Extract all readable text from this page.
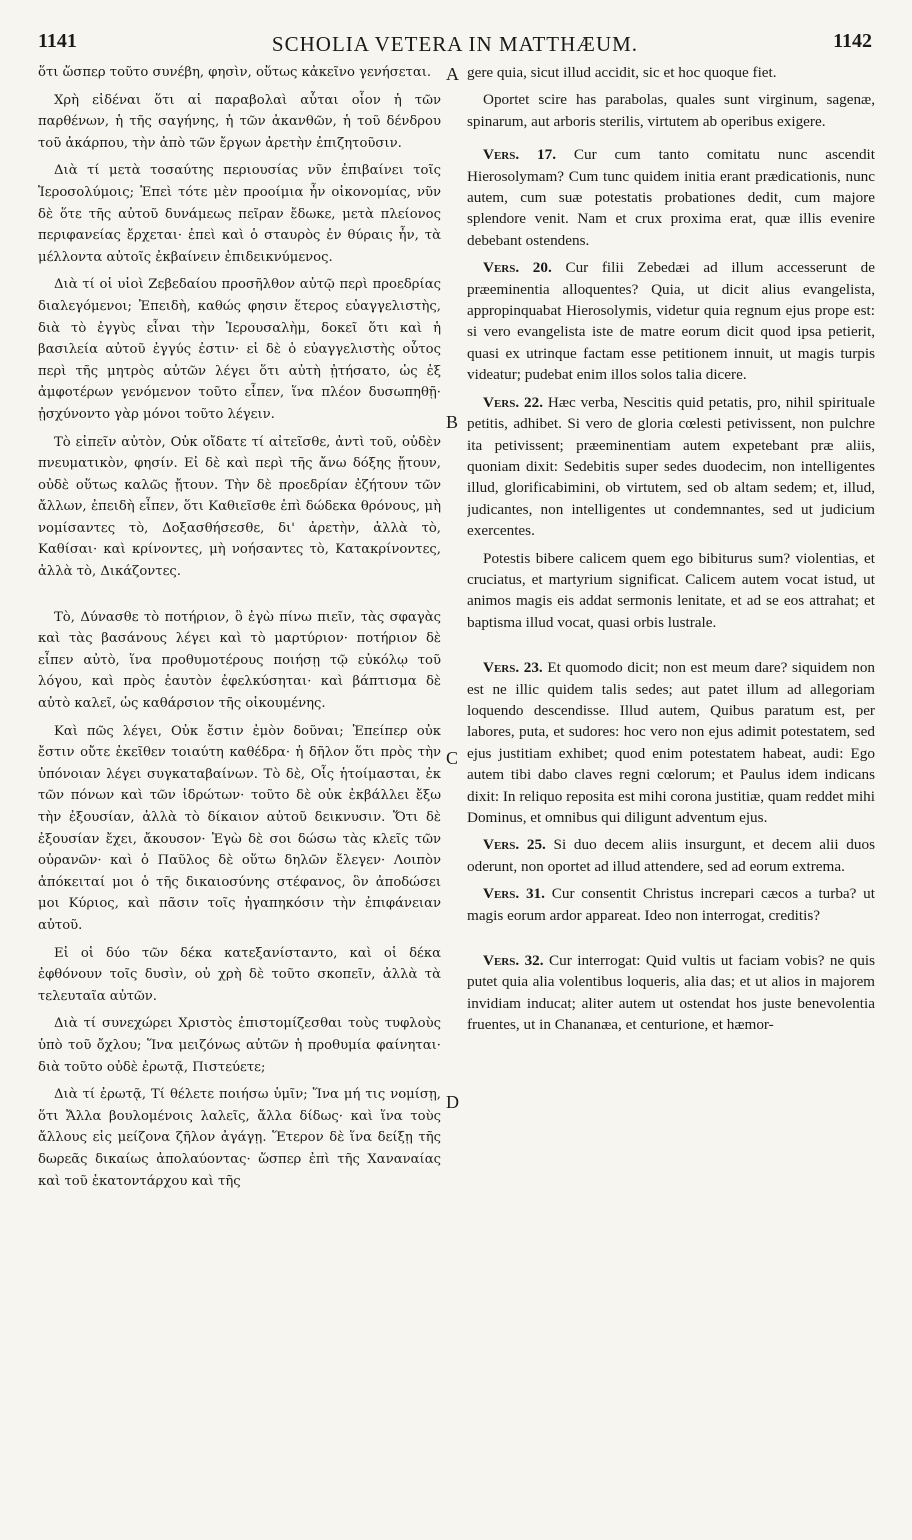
1141	SCHOLIA VETERA IN MATTHÆUM.	1142
A
B
C
D

ὅτι ὥσπερ τοῦτο συνέβη, φησὶν, οὕτως κἀκεῖνο γενήσεται.

Χρὴ εἰδέναι ὅτι αἱ παραβολαὶ αὗται οἷον ἡ τῶν παρθένων, ἡ τῆς σαγήνης, ἡ τῶν ἀκανθῶν, ἡ τοῦ δένδρου τοῦ ἀκάρπου, τὴν ἀπὸ τῶν ἔργων ἀρετὴν ἐπιζητοῦσιν.

Διὰ τί μετὰ τοσαύτης περιουσίας νῦν ἐπιβαίνει τοῖς Ἱεροσολύμοις; Ἐπεὶ τότε μὲν προοίμια ἦν οἰκονομίας, νῦν δὲ ὅτε τῆς αὐτοῦ δυνάμεως πεῖραν ἔδωκε, μετὰ πλείονος περιφανείας ἔρχεται· ἐπεὶ καὶ ὁ σταυρὸς ἐν θύραις ἦν, τὰ μέλλοντα αὐτοῖς ἐκβαίνειν ἐπιδεικνύμενος.

Διὰ τί οἱ υἱοὶ Ζεβεδαίου προσῆλθον αὐτῷ περὶ προεδρίας διαλεγόμενοι; Ἐπειδὴ, καθώς φησιν ἕτερος εὐαγγελιστὴς, διὰ τὸ ἐγγὺς εἶναι τὴν Ἱερουσαλὴμ, δοκεῖ ὅτι καὶ ἡ βασιλεία αὐτοῦ ἐγγύς ἐστιν· εἰ δὲ ὁ εὐαγγελιστὴς οὗτος περὶ τῆς μητρὸς αὐτῶν λέγει ὅτι αὐτὴ ᾐτήσατο, ὡς ἐξ ἀμφοτέρων γενόμενον τοῦτο εἶπεν, ἵνα πλέον δυσωπηθῇ· ᾐσχύνοντο γὰρ μόνοι τοῦτο λέγειν.

Τὸ εἰπεῖν αὐτὸν, Οὐκ οἴδατε τί αἰτεῖσθε, ἀντὶ τοῦ, οὐδὲν πνευματικὸν, φησίν. Εἰ δὲ καὶ περὶ τῆς ἄνω δόξης ᾔτουν, οὐδὲ οὕτως καλῶς ᾔτουν. Τὴν δὲ προεδρίαν ἐζήτουν τῶν ἄλλων, ἐπειδὴ εἶπεν, ὅτι Καθιεῖσθε ἐπὶ δώδεκα θρόνους, μὴ νομίσαντες τὸ, Δοξασθήσεσθε, δι' ἀρετὴν, ἀλλὰ τὸ, Καθίσαι· καὶ κρίνοντες, μὴ νοήσαντες τὸ, Κατακρίνοντες, ἀλλὰ τὸ, Δικάζοντες.

Τὸ, Δύνασθε τὸ ποτήριον, ὃ ἐγὼ πίνω πιεῖν, τὰς σφαγὰς καὶ τὰς βασάνους λέγει καὶ τὸ μαρτύριον· ποτήριον δὲ εἶπεν αὐτὸ, ἵνα προθυμοτέρους ποιήσῃ τῷ εὐκόλῳ τοῦ λόγου, καὶ πρὸς ἑαυτὸν ἐφελκύσηται· καὶ βάπτισμα δὲ αὐτὸ καλεῖ, ὡς καθάρσιον τῆς οἰκουμένης.

Καὶ πῶς λέγει, Οὐκ ἔστιν ἐμὸν δοῦναι; Ἐπείπερ οὐκ ἔστιν οὔτε ἐκεῖθεν τοιαύτη καθέδρα· ἡ δῆλον ὅτι πρὸς τὴν ὑπόνοιαν λέγει συγκαταβαίνων. Τὸ δὲ, Οἷς ἡτοίμασται, ἐκ τῶν πόνων καὶ τῶν ἱδρώτων· τοῦτο δὲ οὐκ ἐκβάλλει ἔξω τὴν ἐξουσίαν, ἀλλὰ τὸ δίκαιον αὐτοῦ δεικνυσιν. Ὅτι δὲ ἐξουσίαν ἔχει, ἄκουσον· Ἐγὼ δὲ σοι δώσω τὰς κλεῖς τῶν οὐρανῶν· καὶ ὁ Παῦλος δὲ οὕτω δηλῶν ἔλεγεν· Λοιπὸν ἀπόκειταί μοι ὁ τῆς δικαιοσύνης στέφανος, ὃν ἀποδώσει μοι Κύριος, καὶ πᾶσιν τοῖς ἠγαπηκόσιν τὴν ἐπιφάνειαν αὐτοῦ.

Εἰ οἱ δύο τῶν δέκα κατεξανίσταντο, καὶ οἱ δέκα ἐφθόνουν τοῖς δυσὶν, οὐ χρὴ δὲ τοῦτο σκοπεῖν, ἀλλὰ τὰ τελευταῖα αὐτῶν.

Διὰ τί συνεχώρει Χριστὸς ἐπιστομίζεσθαι τοὺς τυφλοὺς ὑπὸ τοῦ ὄχλου; Ἵνα μειζόνως αὐτῶν ἡ προθυμία φαίνηται· διὰ τοῦτο οὐδὲ ἐρωτᾷ, Πιστεύετε;

Διὰ τί ἐρωτᾷ, Τί θέλετε ποιήσω ὑμῖν; Ἵνα μή τις νομίσῃ, ὅτι Ἄλλα βουλομένοις λαλεῖς, ἄλλα δίδως· καὶ ἵνα τοὺς ἄλλους εἰς μείζονα ζῆλον ἀγάγῃ. Ἕτερον δὲ ἵνα δείξῃ τῆς δωρεᾶς δικαίως ἀπολαύοντας· ὥσπερ ἐπὶ τῆς Χαναναίας καὶ τοῦ ἑκατοντάρχου καὶ τῆς

gere quia, sicut illud accidit, sic et hoc quoque fiet.

Oportet scire has parabolas, quales sunt virginum, sagenæ, spinarum, aut arboris sterilis, virtutem ab operibus exigere.

Vers. 17. Cur cum tanto comitatu nunc ascendit Hierosolymam? Cum tunc quidem initia erant prædicationis, nunc autem, cum suæ potestatis probationes dedit, cum majore splendore venit. Nam et crux proxima erat, quæ illis evenire debebant ostendens.

Vers. 20. Cur filii Zebedæi ad illum accesserunt de præeminentia alloquentes? Quia, ut dicit alius evangelista, appropinquabat Hierosolymis, videtur quia regnum ejus prope est: si vero evangelista iste de matre eorum dicit quod ipsa petierit, quasi ex utrinque factam esse petitionem innuit, ut magis turpis videatur; pudebat enim illos solos talia dicere.

Vers. 22. Hæc verba, Nescitis quid petatis, pro, nihil spirituale petitis, adhibet. Si vero de gloria cœlesti petivissent, non pulchre ita petivissent; præeminentiam autem expetebant præ aliis, quoniam dixit: Sedebitis super sedes duodecim, non intelligentes illud, glorificabimini, ob virtutem, sed ob altam sedem; et, illud, judicantes, non intelligentes ut condemnantes, sed ut judicium exercentes.

Potestis bibere calicem quem ego bibiturus sum? violentias, et cruciatus, et martyrium significat. Calicem autem vocat istud, ut animos magis eis addat sermonis lenitate, et ad se eos attrahat; et baptisma illud vocat, quasi orbis lustrale.

Vers. 23. Et quomodo dicit; non est meum dare? siquidem non est ne illic quidem talis sedes; aut patet illum ad allegoriam loquendo descendisse. Illud autem, Quibus paratum est, per labores, puta, et sudores: hoc vero non ejus adimit potestatem, sed ejus justitiam exhibet; quod enim potestatem habeat, audi: Ego autem tibi dabo claves regni cœlorum; et Paulus idem indicans dixit: In reliquo reposita est mihi corona justitiæ, quam reddet mihi Dominus, et omnibus qui diligunt adventum ejus.

Vers. 25. Si duo decem aliis insurgunt, et decem alii duos oderunt, non oportet ad illud attendere, sed ad eorum extrema.

Vers. 31. Cur consentit Christus increpari cæcos a turba? ut magis eorum ardor appareat. Ideo non interrogat, creditis?

Vers. 32. Cur interrogat: Quid vultis ut faciam vobis? ne quis putet quia alia volentibus loqueris, alia das; et ut alios in majorem invidiam inducat; aliter autem ut ostendat hos juste benevolentia fruentes, ut in Chananæa, et centurione, et hæmor-
